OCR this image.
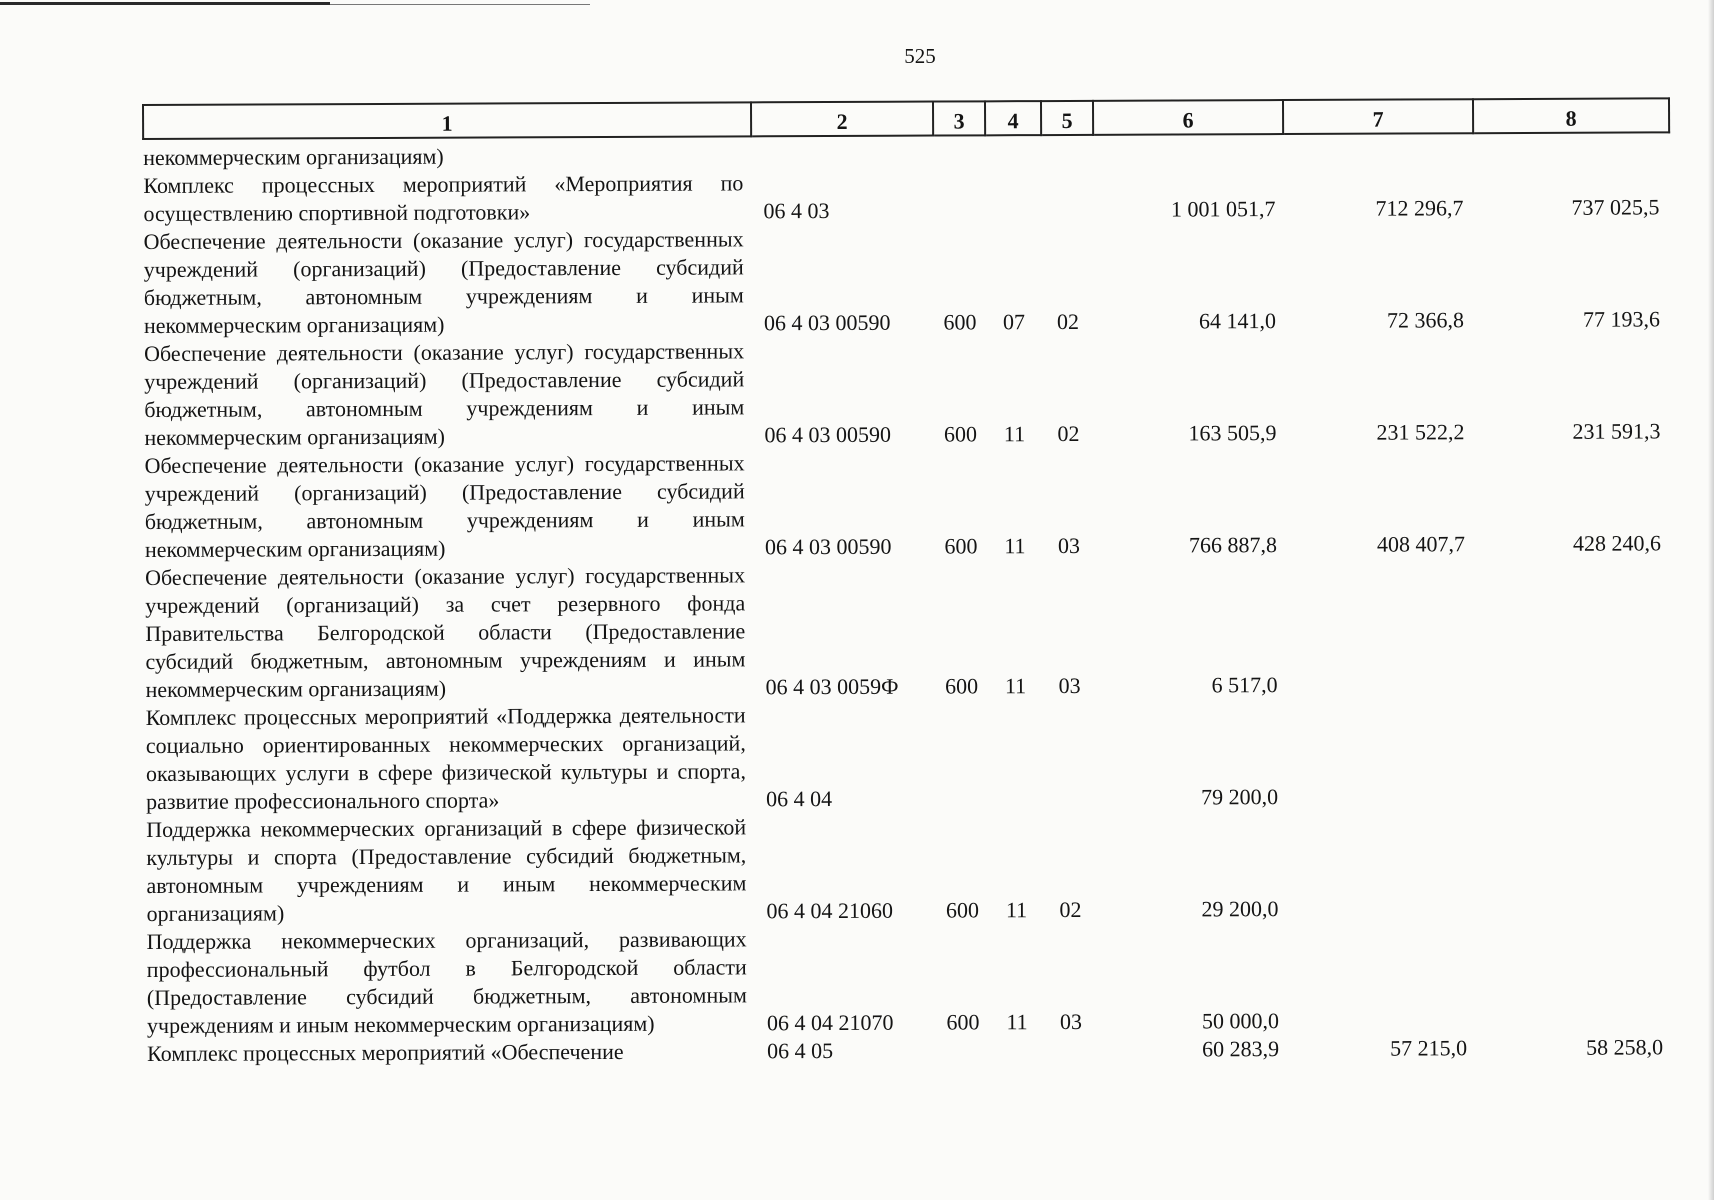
525
1	2	3	4	5	6	7	8

некоммерческим организациям)							
Комплекс процессных мероприятий «Мероприятия по осуществлению спортивной подготовки»	06 4 03				1 001 051,7	712 296,7	737 025,5
Обеспечение деятельности (оказание услуг) государственных учреждений (организаций) (Предоставление субсидий бюджетным, автономным учреждениям и иным некоммерческим организациям)	06 4 03 00590	600	07	02	64 141,0	72 366,8	77 193,6
Обеспечение деятельности (оказание услуг) государственных учреждений (организаций) (Предоставление субсидий бюджетным, автономным учреждениям и иным некоммерческим организациям)	06 4 03 00590	600	11	02	163 505,9	231 522,2	231 591,3
Обеспечение деятельности (оказание услуг) государственных учреждений (организаций) (Предоставление субсидий бюджетным, автономным учреждениям и иным некоммерческим организациям)	06 4 03 00590	600	11	03	766 887,8	408 407,7	428 240,6
Обеспечение деятельности (оказание услуг) государственных учреждений (организаций) за счет резервного фонда Правительства Белгородской области (Предоставление субсидий бюджетным, автономным учреждениям и иным некоммерческим организациям)	06 4 03 0059Ф	600	11	03	6 517,0		
Комплекс процессных мероприятий «Поддержка деятельности социально ориентированных некоммерческих организаций, оказывающих услуги в сфере физической культуры и спорта, развитие профессионального спорта»	06 4 04				79 200,0		
Поддержка некоммерческих организаций в сфере физической культуры и спорта (Предоставление субсидий бюджетным, автономным учреждениям и иным некоммерческим организациям)	06 4 04 21060	600	11	02	29 200,0		
Поддержка некоммерческих организаций, развивающих профессиональный футбол в Белгородской области (Предоставление субсидий бюджетным, автономным учреждениям и иным некоммерческим организациям)	06 4 04 21070	600	11	03	50 000,0		
Комплекс процессных мероприятий «Обеспечение	06 4 05				60 283,9	57 215,0	58 258,0
